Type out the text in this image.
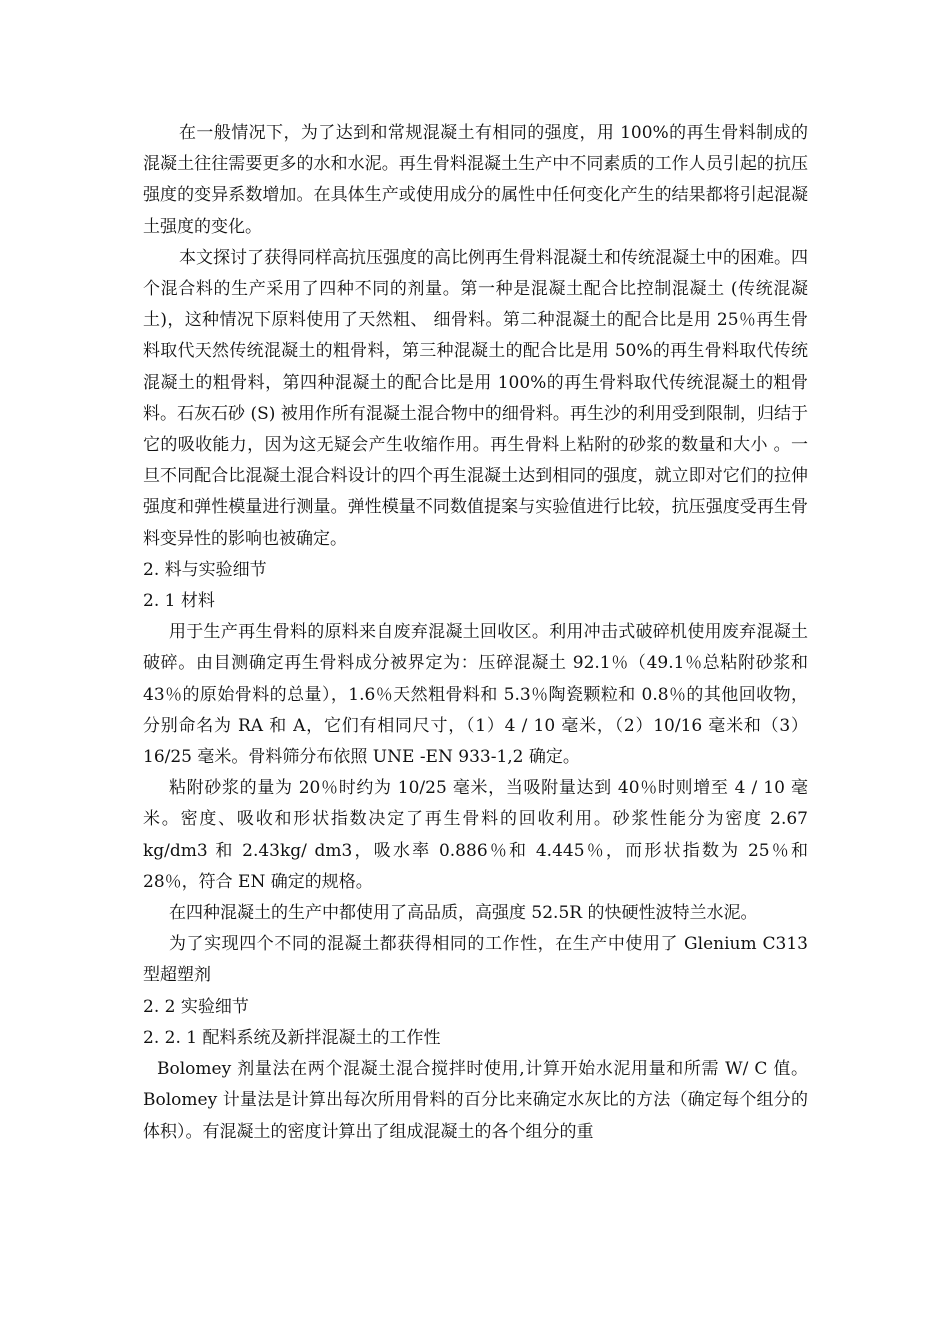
在一般情况下，为了达到和常规混凝土有相同的强度，用 100%的再生骨料制成的混凝土往往需要更多的水和水泥。再生骨料混凝土生产中不同素质的工作人员引起的抗压强度的变异系数增加。在具体生产或使用成分的属性中任何变化产生的结果都将引起混凝土强度的变化。

本文探讨了获得同样高抗压强度的高比例再生骨料混凝土和传统混凝土中的困难。四个混合料的生产采用了四种不同的剂量。第一种是混凝土配合比控制混凝土 (传统混凝土)，这种情况下原料使用了天然粗、 细骨料。第二种混凝土的配合比是用 25％再生骨料取代天然传统混凝土的粗骨料，第三种混凝土的配合比是用 50%的再生骨料取代传统混凝土的粗骨料，第四种混凝土的配合比是用 100%的再生骨料取代传统混凝土的粗骨料。石灰石砂 (S) 被用作所有混凝土混合物中的细骨料。再生沙的利用受到限制，归结于它的吸收能力，因为这无疑会产生收缩作用。再生骨料上粘附的砂浆的数量和大小 。一旦不同配合比混凝土混合料设计的四个再生混凝土达到相同的强度，就立即对它们的拉伸强度和弹性模量进行测量。弹性模量不同数值提案与实验值进行比较，抗压强度受再生骨料变异性的影响也被确定。

2. 料与实验细节

2. 1 材料

用于生产再生骨料的原料来自废弃混凝土回收区。利用冲击式破碎机使用废弃混凝土破碎。由目测确定再生骨料成分被界定为：压碎混凝土 92.1％（49.1％总粘附砂浆和 43％的原始骨料的总量），1.6％天然粗骨料和 5.3％陶瓷颗粒和 0.8％的其他回收物，分别命名为 RA 和 A，它们有相同尺寸，（1）4 / 10 毫米，（2）10/16 毫米和（3）16/25 毫米。骨料筛分布依照 UNE -EN 933-1,2 确定。

粘附砂浆的量为 20％时约为 10/25 毫米，当吸附量达到 40％时则增至 4 / 10 毫米。密度、吸收和形状指数决定了再生骨料的回收利用。砂浆性能分为密度 2.67 kg/dm3 和 2.43kg/ dm3，吸水率 0.886％和 4.445％，而形状指数为 25％和 28％，符合 EN 确定的规格。

在四种混凝土的生产中都使用了高品质，高强度 52.5R 的快硬性波特兰水泥。

为了实现四个不同的混凝土都获得相同的工作性，在生产中使用了 Glenium C313 型超塑剂

2. 2 实验细节

2. 2. 1 配料系统及新拌混凝土的工作性

Bolomey 剂量法在两个混凝土混合搅拌时使用,计算开始水泥用量和所需 W/ C 值。Bolomey 计量法是计算出每次所用骨料的百分比来确定水灰比的方法（确定每个组分的体积）。有混凝土的密度计算出了组成混凝土的各个组分的重
